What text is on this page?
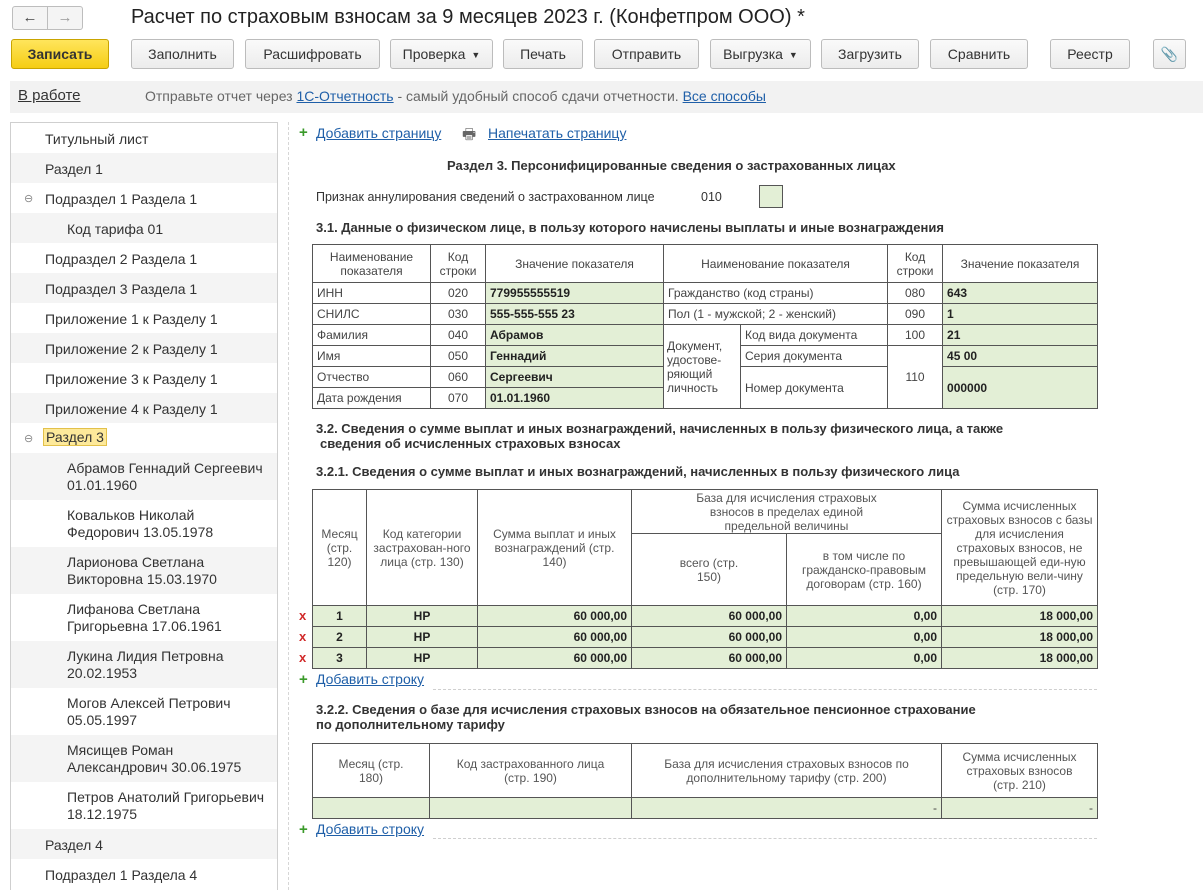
←	→	Расчет по страховым взносам за 9 месяцев 2023 г. (Конфетпром ООО) *
Записать	Заполнить	Расшифровать	Проверка ▼	Печать	Отправить	Выгрузка ▼	Загрузить	Сравнить	Реестр	📎
В работе	Отправьте отчет через 1С-Отчетность - самый удобный способ сдачи отчетности. Все способы
Титульный лист
Раздел 1
⊖ Подраздел 1 Раздела 1
Код тарифа 01
Подраздел 2 Раздела 1
Подраздел 3 Раздела 1
Приложение 1 к Разделу 1
Приложение 2 к Разделу 1
Приложение 3 к Разделу 1
Приложение 4 к Разделу 1
⊖ Раздел 3
Абрамов Геннадий Сергеевич
01.01.1960
Ковальков Николай
Федорович 13.05.1978
Ларионова Светлана
Викторовна 15.03.1970
Лифанова Светлана
Григорьевна 17.06.1961
Лукина Лидия Петровна
20.02.1953
Могов Алексей Петрович
05.05.1997
Мясищев Роман
Александрович 30.06.1975
Петров Анатолий Григорьевич
18.12.1975
Раздел 4
Подраздел 1 Раздела 4
+ Добавить страницу 🖶 Напечатать страницу
Раздел 3. Персонифицированные сведения о застрахованных лицах
Признак аннулирования сведений о застрахованном лице	010
3.1. Данные о физическом лице, в пользу которого начислены выплаты и иные вознаграждения
Наименование показателя	Код строки	Значение показателя	Наименование показателя		Код строки	Значение показателя
ИНН	020	779955555519	Гражданство (код страны)		080	643
СНИЛС	030	555-555-555 23	Пол (1 - мужской; 2 - женский)		090	1
Фамилия	040	Абрамов	Документ, удостове-ряющий личность	Код вида документа	100	21
Имя	050	Геннадий		Серия документа	110	45 00
Отчество	060	Сергеевич		Номер документа		000000
Дата рождения	070	01.01.1960				
3.2. Сведения о сумме выплат и иных вознаграждений, начисленных в пользу физического лица, а также
сведения об исчисленных страховых взносах
3.2.1. Сведения о сумме выплат и иных вознаграждений, начисленных в пользу физического лица
Месяц (стр. 120)	Код категории застрахован-ного лица (стр. 130)	Сумма выплат и иных вознаграждений (стр. 140)	База для исчисления страховых взносов в пределах единой предельной величины		Сумма исчисленных страховых взносов с базы для исчисления страховых взносов, не превышающей еди-ную предельную вели-чину (стр. 170)
			всего (стр. 150)	в том числе по гражданско-правовым договорам (стр. 160)	
1	НР	60 000,00	60 000,00	0,00	18 000,00
2	НР	60 000,00	60 000,00	0,00	18 000,00
3	НР	60 000,00	60 000,00	0,00	18 000,00
x
x
x
+ Добавить строку
3.2.2. Сведения о базе для исчисления страховых взносов на обязательное пенсионное страхование
по дополнительному тарифу
Месяц (стр. 180)	Код застрахованного лица (стр. 190)	База для исчисления страховых взносов по дополнительному тарифу (стр. 200)	Сумма исчисленных страховых взносов (стр. 210)
		-	-
+ Добавить строку
